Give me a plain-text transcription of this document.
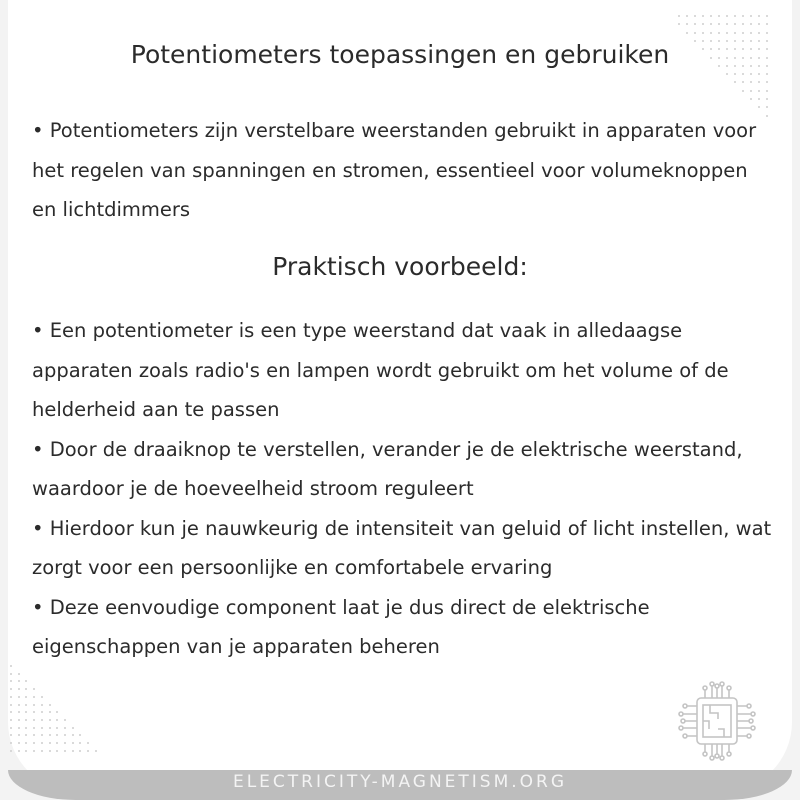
Potentiometers toepassingen en gebruiken
• Potentiometers zijn verstelbare weerstanden gebruikt in apparaten voor het regelen van spanningen en stromen, essentieel voor volumeknoppen en lichtdimmers
Praktisch voorbeeld:
• Een potentiometer is een type weerstand dat vaak in alledaagse apparaten zoals radio's en lampen wordt gebruikt om het volume of de helderheid aan te passen
• Door de draaiknop te verstellen, verander je de elektrische weerstand, waardoor je de hoeveelheid stroom reguleert
• Hierdoor kun je nauwkeurig de intensiteit van geluid of licht instellen, wat zorgt voor een persoonlijke en comfortabele ervaring
• Deze eenvoudige component laat je dus direct de elektrische eigenschappen van je apparaten beheren
ELECTRICITY-MAGNETISM.ORG
